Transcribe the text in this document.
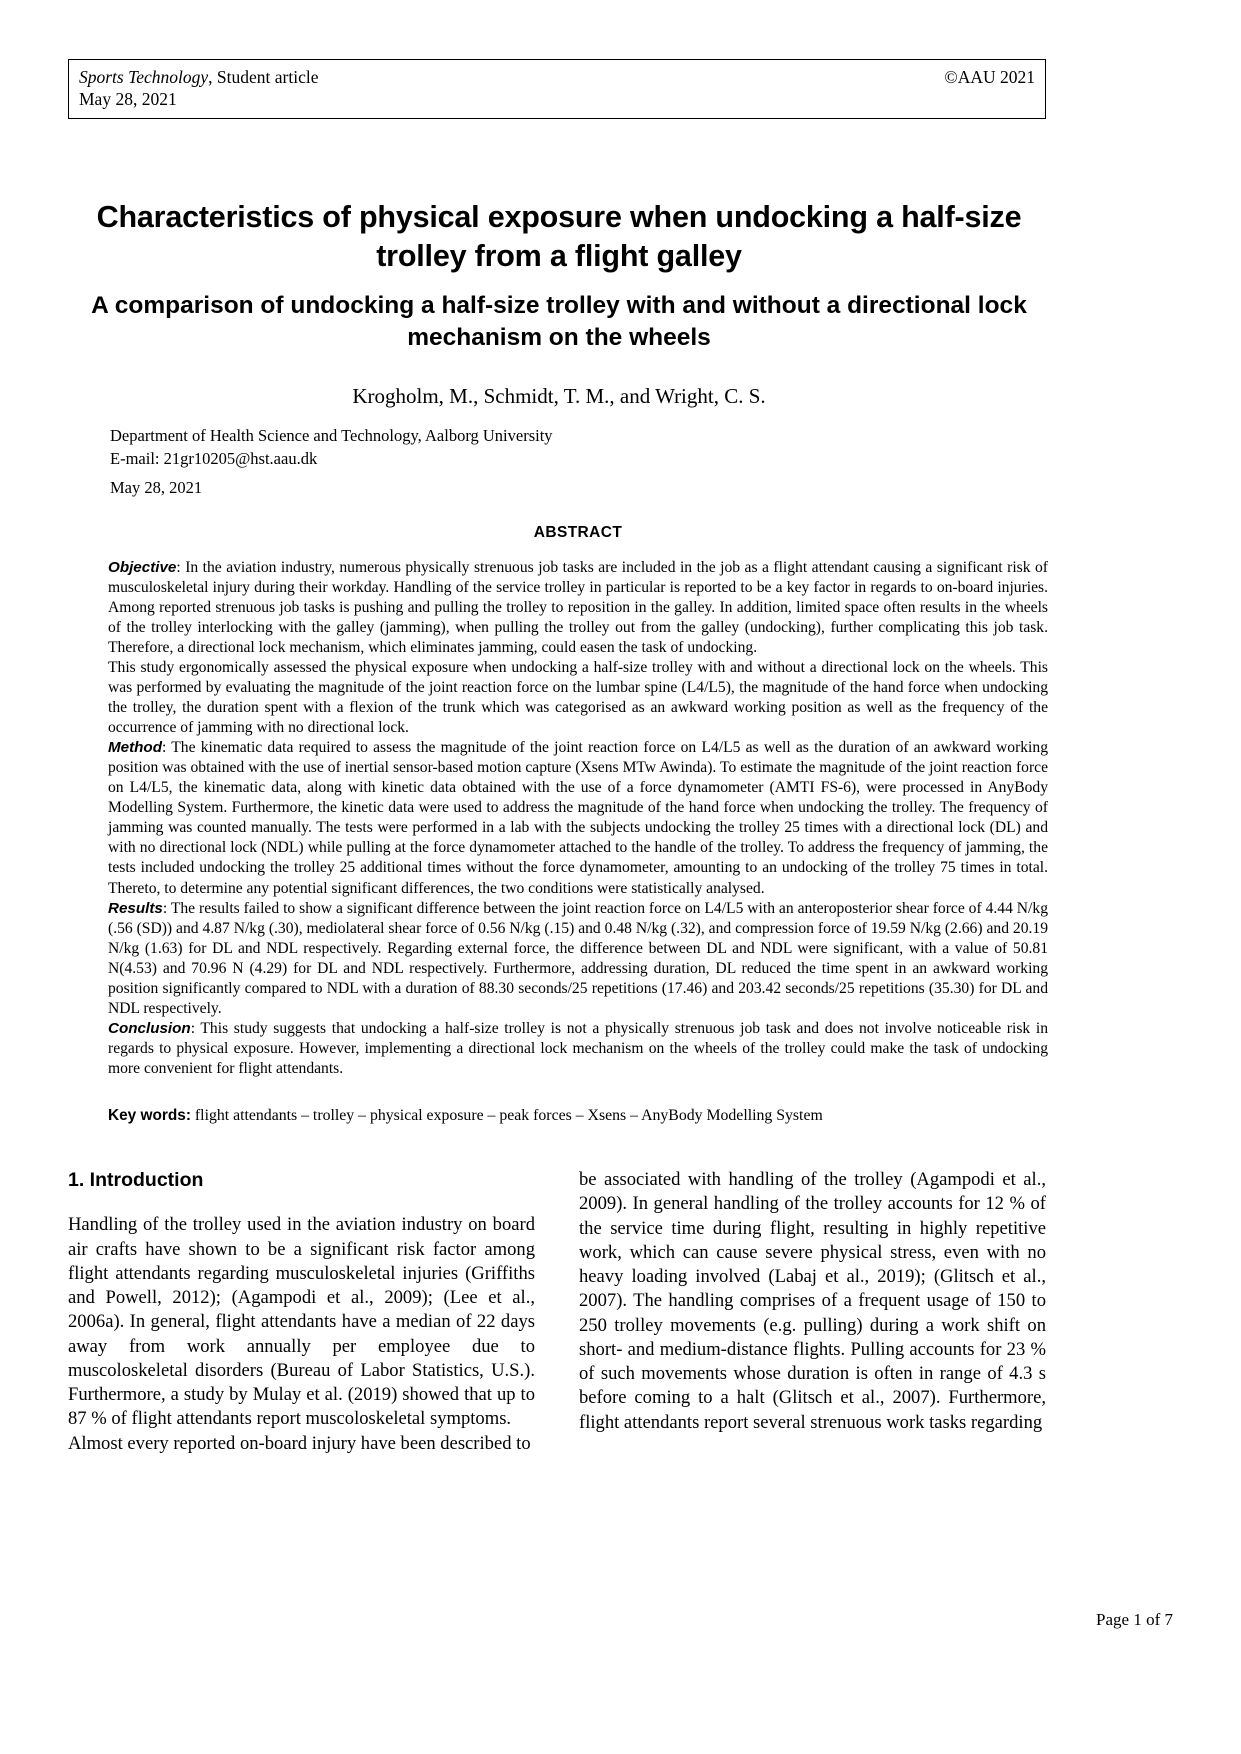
Sports Technology, Student article
May 28, 2021
©AAU 2021
Characteristics of physical exposure when undocking a half-size trolley from a flight galley
A comparison of undocking a half-size trolley with and without a directional lock mechanism on the wheels
Krogholm, M., Schmidt, T. M., and Wright, C. S.
Department of Health Science and Technology, Aalborg University
E-mail: 21gr10205@hst.aau.dk
May 28, 2021
ABSTRACT

Objective: In the aviation industry, numerous physically strenuous job tasks are included in the job as a flight attendant causing a significant risk of musculoskeletal injury during their workday. Handling of the service trolley in particular is reported to be a key factor in regards to on-board injuries. Among reported strenuous job tasks is pushing and pulling the trolley to reposition in the galley. In addition, limited space often results in the wheels of the trolley interlocking with the galley (jamming), when pulling the trolley out from the galley (undocking), further complicating this job task. Therefore, a directional lock mechanism, which eliminates jamming, could easen the task of undocking.

This study ergonomically assessed the physical exposure when undocking a half-size trolley with and without a directional lock on the wheels. This was performed by evaluating the magnitude of the joint reaction force on the lumbar spine (L4/L5), the magnitude of the hand force when undocking the trolley, the duration spent with a flexion of the trunk which was categorised as an awkward working position as well as the frequency of the occurrence of jamming with no directional lock.

Method: The kinematic data required to assess the magnitude of the joint reaction force on L4/L5 as well as the duration of an awkward working position was obtained with the use of inertial sensor-based motion capture (Xsens MTw Awinda). To estimate the magnitude of the joint reaction force on L4/L5, the kinematic data, along with kinetic data obtained with the use of a force dynamometer (AMTI FS-6), were processed in AnyBody Modelling System. Furthermore, the kinetic data were used to address the magnitude of the hand force when undocking the trolley. The frequency of jamming was counted manually. The tests were performed in a lab with the subjects undocking the trolley 25 times with a directional lock (DL) and with no directional lock (NDL) while pulling at the force dynamometer attached to the handle of the trolley. To address the frequency of jamming, the tests included undocking the trolley 25 additional times without the force dynamometer, amounting to an undocking of the trolley 75 times in total. Thereto, to determine any potential significant differences, the two conditions were statistically analysed.

Results: The results failed to show a significant difference between the joint reaction force on L4/L5 with an anteroposterior shear force of 4.44 N/kg (.56 (SD)) and 4.87 N/kg (.30), mediolateral shear force of 0.56 N/kg (.15) and 0.48 N/kg (.32), and compression force of 19.59 N/kg (2.66) and 20.19 N/kg (1.63) for DL and NDL respectively. Regarding external force, the difference between DL and NDL were significant, with a value of 50.81 N(4.53) and 70.96 N (4.29) for DL and NDL respectively. Furthermore, addressing duration, DL reduced the time spent in an awkward working position significantly compared to NDL with a duration of 88.30 seconds/25 repetitions (17.46) and 203.42 seconds/25 repetitions (35.30) for DL and NDL respectively.

Conclusion: This study suggests that undocking a half-size trolley is not a physically strenuous job task and does not involve noticeable risk in regards to physical exposure. However, implementing a directional lock mechanism on the wheels of the trolley could make the task of undocking more convenient for flight attendants.

Key words: flight attendants – trolley – physical exposure – peak forces – Xsens – AnyBody Modelling System

1. Introduction

Handling of the trolley used in the aviation industry on board air crafts have shown to be a significant risk factor among flight attendants regarding musculoskeletal injuries (Griffiths and Powell, 2012); (Agampodi et al., 2009); (Lee et al., 2006a). In general, flight attendants have a median of 22 days away from work annually per employee due to muscoloskeletal disorders (Bureau of Labor Statistics, U.S.). Furthermore, a study by Mulay et al. (2019) showed that up to 87 % of flight attendants report muscoloskeletal symptoms.

Almost every reported on-board injury have been described to

be associated with handling of the trolley (Agampodi et al., 2009). In general handling of the trolley accounts for 12 % of the service time during flight, resulting in highly repetitive work, which can cause severe physical stress, even with no heavy loading involved (Labaj et al., 2019); (Glitsch et al., 2007). The handling comprises of a frequent usage of 150 to 250 trolley movements (e.g. pulling) during a work shift on short- and medium-distance flights. Pulling accounts for 23 % of such movements whose duration is often in range of 4.3 s before coming to a halt (Glitsch et al., 2007). Furthermore, flight attendants report several strenuous work tasks regarding

Page 1 of 7
